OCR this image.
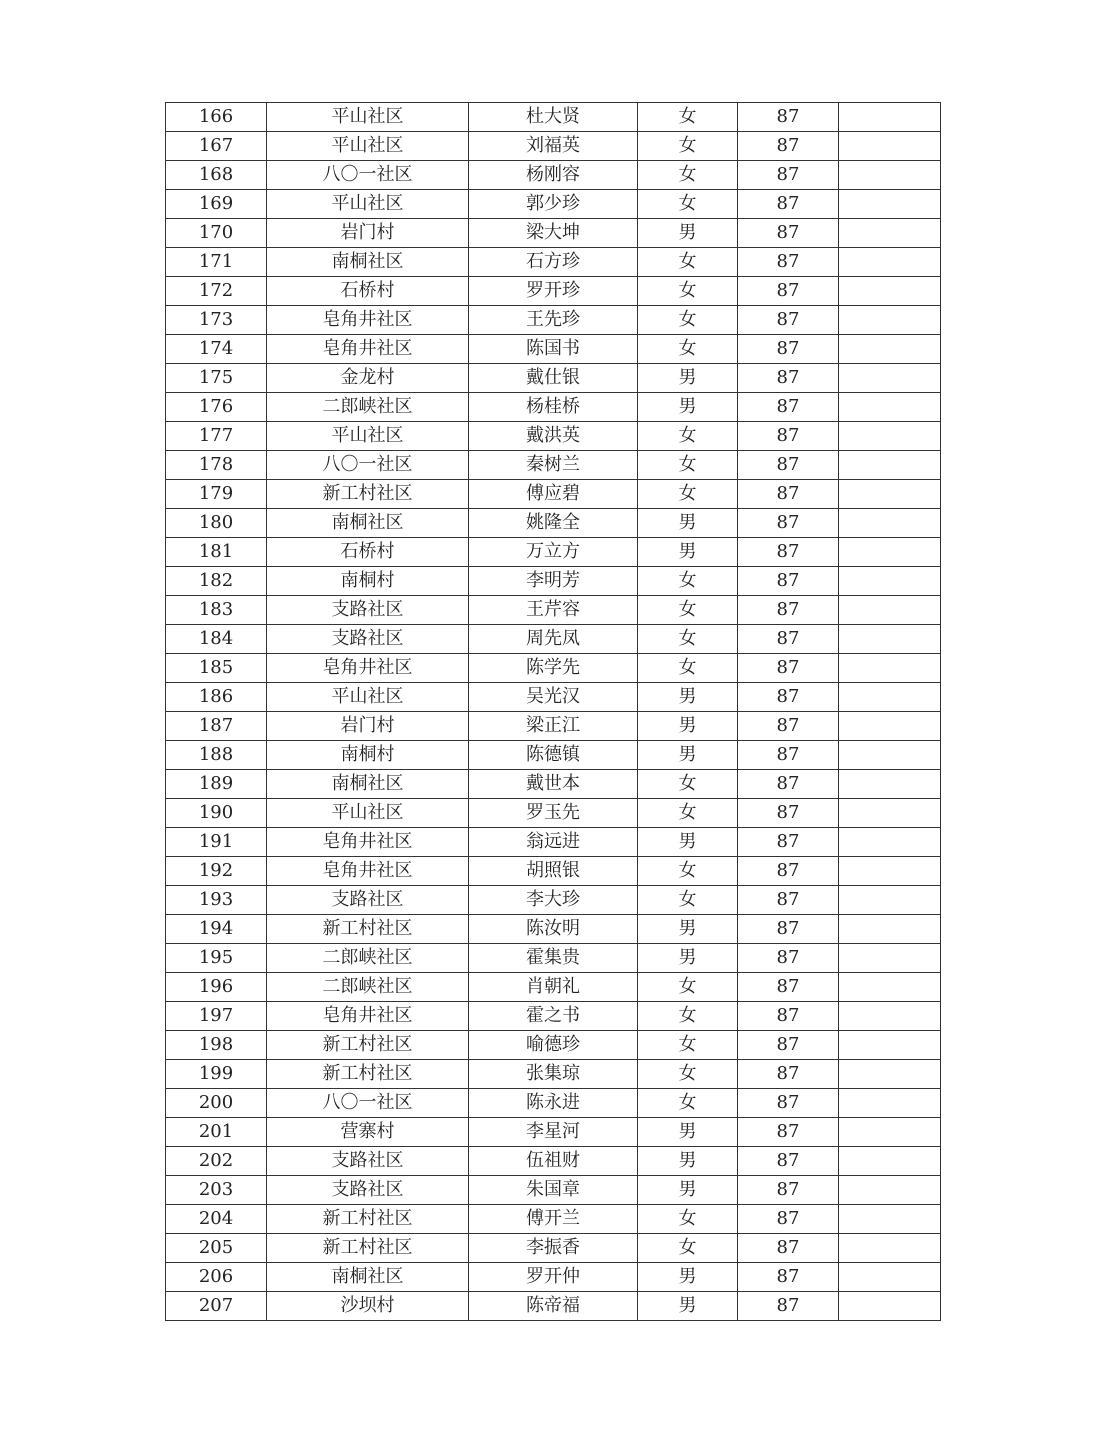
166	平山社区	杜大贤	女	87	
167	平山社区	刘福英	女	87	
168	八〇一社区	杨刚容	女	87	
169	平山社区	郭少珍	女	87	
170	岩门村	梁大坤	男	87	
171	南桐社区	石方珍	女	87	
172	石桥村	罗开珍	女	87	
173	皂角井社区	王先珍	女	87	
174	皂角井社区	陈国书	女	87	
175	金龙村	戴仕银	男	87	
176	二郎峡社区	杨桂桥	男	87	
177	平山社区	戴洪英	女	87	
178	八〇一社区	秦树兰	女	87	
179	新工村社区	傅应碧	女	87	
180	南桐社区	姚隆全	男	87	
181	石桥村	万立方	男	87	
182	南桐村	李明芳	女	87	
183	支路社区	王芹容	女	87	
184	支路社区	周先凤	女	87	
185	皂角井社区	陈学先	女	87	
186	平山社区	吴光汉	男	87	
187	岩门村	梁正江	男	87	
188	南桐村	陈德镇	男	87	
189	南桐社区	戴世本	女	87	
190	平山社区	罗玉先	女	87	
191	皂角井社区	翁远进	男	87	
192	皂角井社区	胡照银	女	87	
193	支路社区	李大珍	女	87	
194	新工村社区	陈汝明	男	87	
195	二郎峡社区	霍集贵	男	87	
196	二郎峡社区	肖朝礼	女	87	
197	皂角井社区	霍之书	女	87	
198	新工村社区	喻德珍	女	87	
199	新工村社区	张集琼	女	87	
200	八〇一社区	陈永进	女	87	
201	营寨村	李星河	男	87	
202	支路社区	伍祖财	男	87	
203	支路社区	朱国章	男	87	
204	新工村社区	傅开兰	女	87	
205	新工村社区	李振香	女	87	
206	南桐社区	罗开仲	男	87	
207	沙坝村	陈帝福	男	87	
